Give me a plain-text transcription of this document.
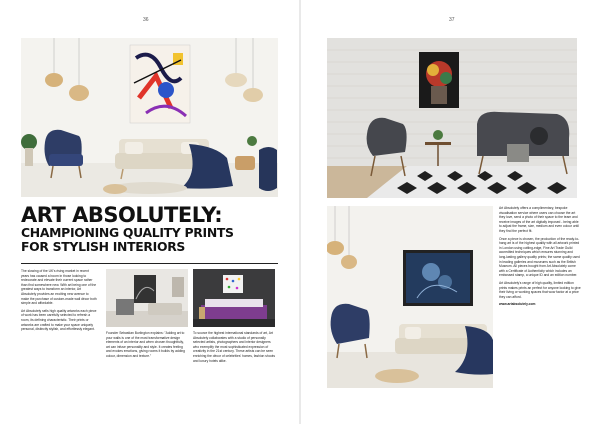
36
ART ABSOLUTELY:
CHAMPIONING QUALITY PRINTS
FOR STYLISH INTERIORS

The slowing of the UK's rising market in recent years has caused a boom in those looking to redecorate and elevate their current space rather than find somewhere new. With art being one of the greatest ways to transform an interior, Art Absolutely provides an exciting new avenue to make the purchase of custom-made wall décor both simple and affordable.

Art Absolutely sells high quality artworks each piece of work has been carefully selected to refresh a room, its defining characteristic. Their prints or artworks are crafted to make your space uniquely personal, distinctly stylish, and effortlessly elegant.

Founder Sebastian Burlington explains: "Adding art to your walls is one of the most transformative design elements of an interior and when chosen thoughtfully, art can infuse personality and style. It creates feeling and evokes emotions, giving rooms it builds by adding colour, dimension and texture."

To source the highest international standards of art, Art Absolutely collaborates with a studio of personally selected artists, photographers and interior designers who exemplify the most sophisticated expression of creativity in the 21st century. These artists can be seen enriching the décor of celebrities' homes, fashion shoots and luxury hotels alike.

37

Art Absolutely offers a complimentary, bespoke visualisation service where users can choose the art they love, send a photo of their space to the team and receive images of the art digitally imposed - being able to adjust the frame, size, medium and even colour until they find the perfect fit.

Once a piece is chosen, the production of the ready-to-hang art is of the highest quality with all artwork printed in London using cutting-edge, Fine Art Trade Guild accredited techniques which ensures stunning and long-lasting gallery quality prints; the same quality used in leading galleries and museums such as the British Museum. All pieces bought from Art Absolutely come with a Certificate of Authenticity which includes an embossed stamp, a unique ID and an edition number.

Art Absolutely's range of high quality, limited edition prints makes prints an perfect for anyone looking to give their living or working spaces that wow factor at a price they can afford.

www.artabsolutely.com
